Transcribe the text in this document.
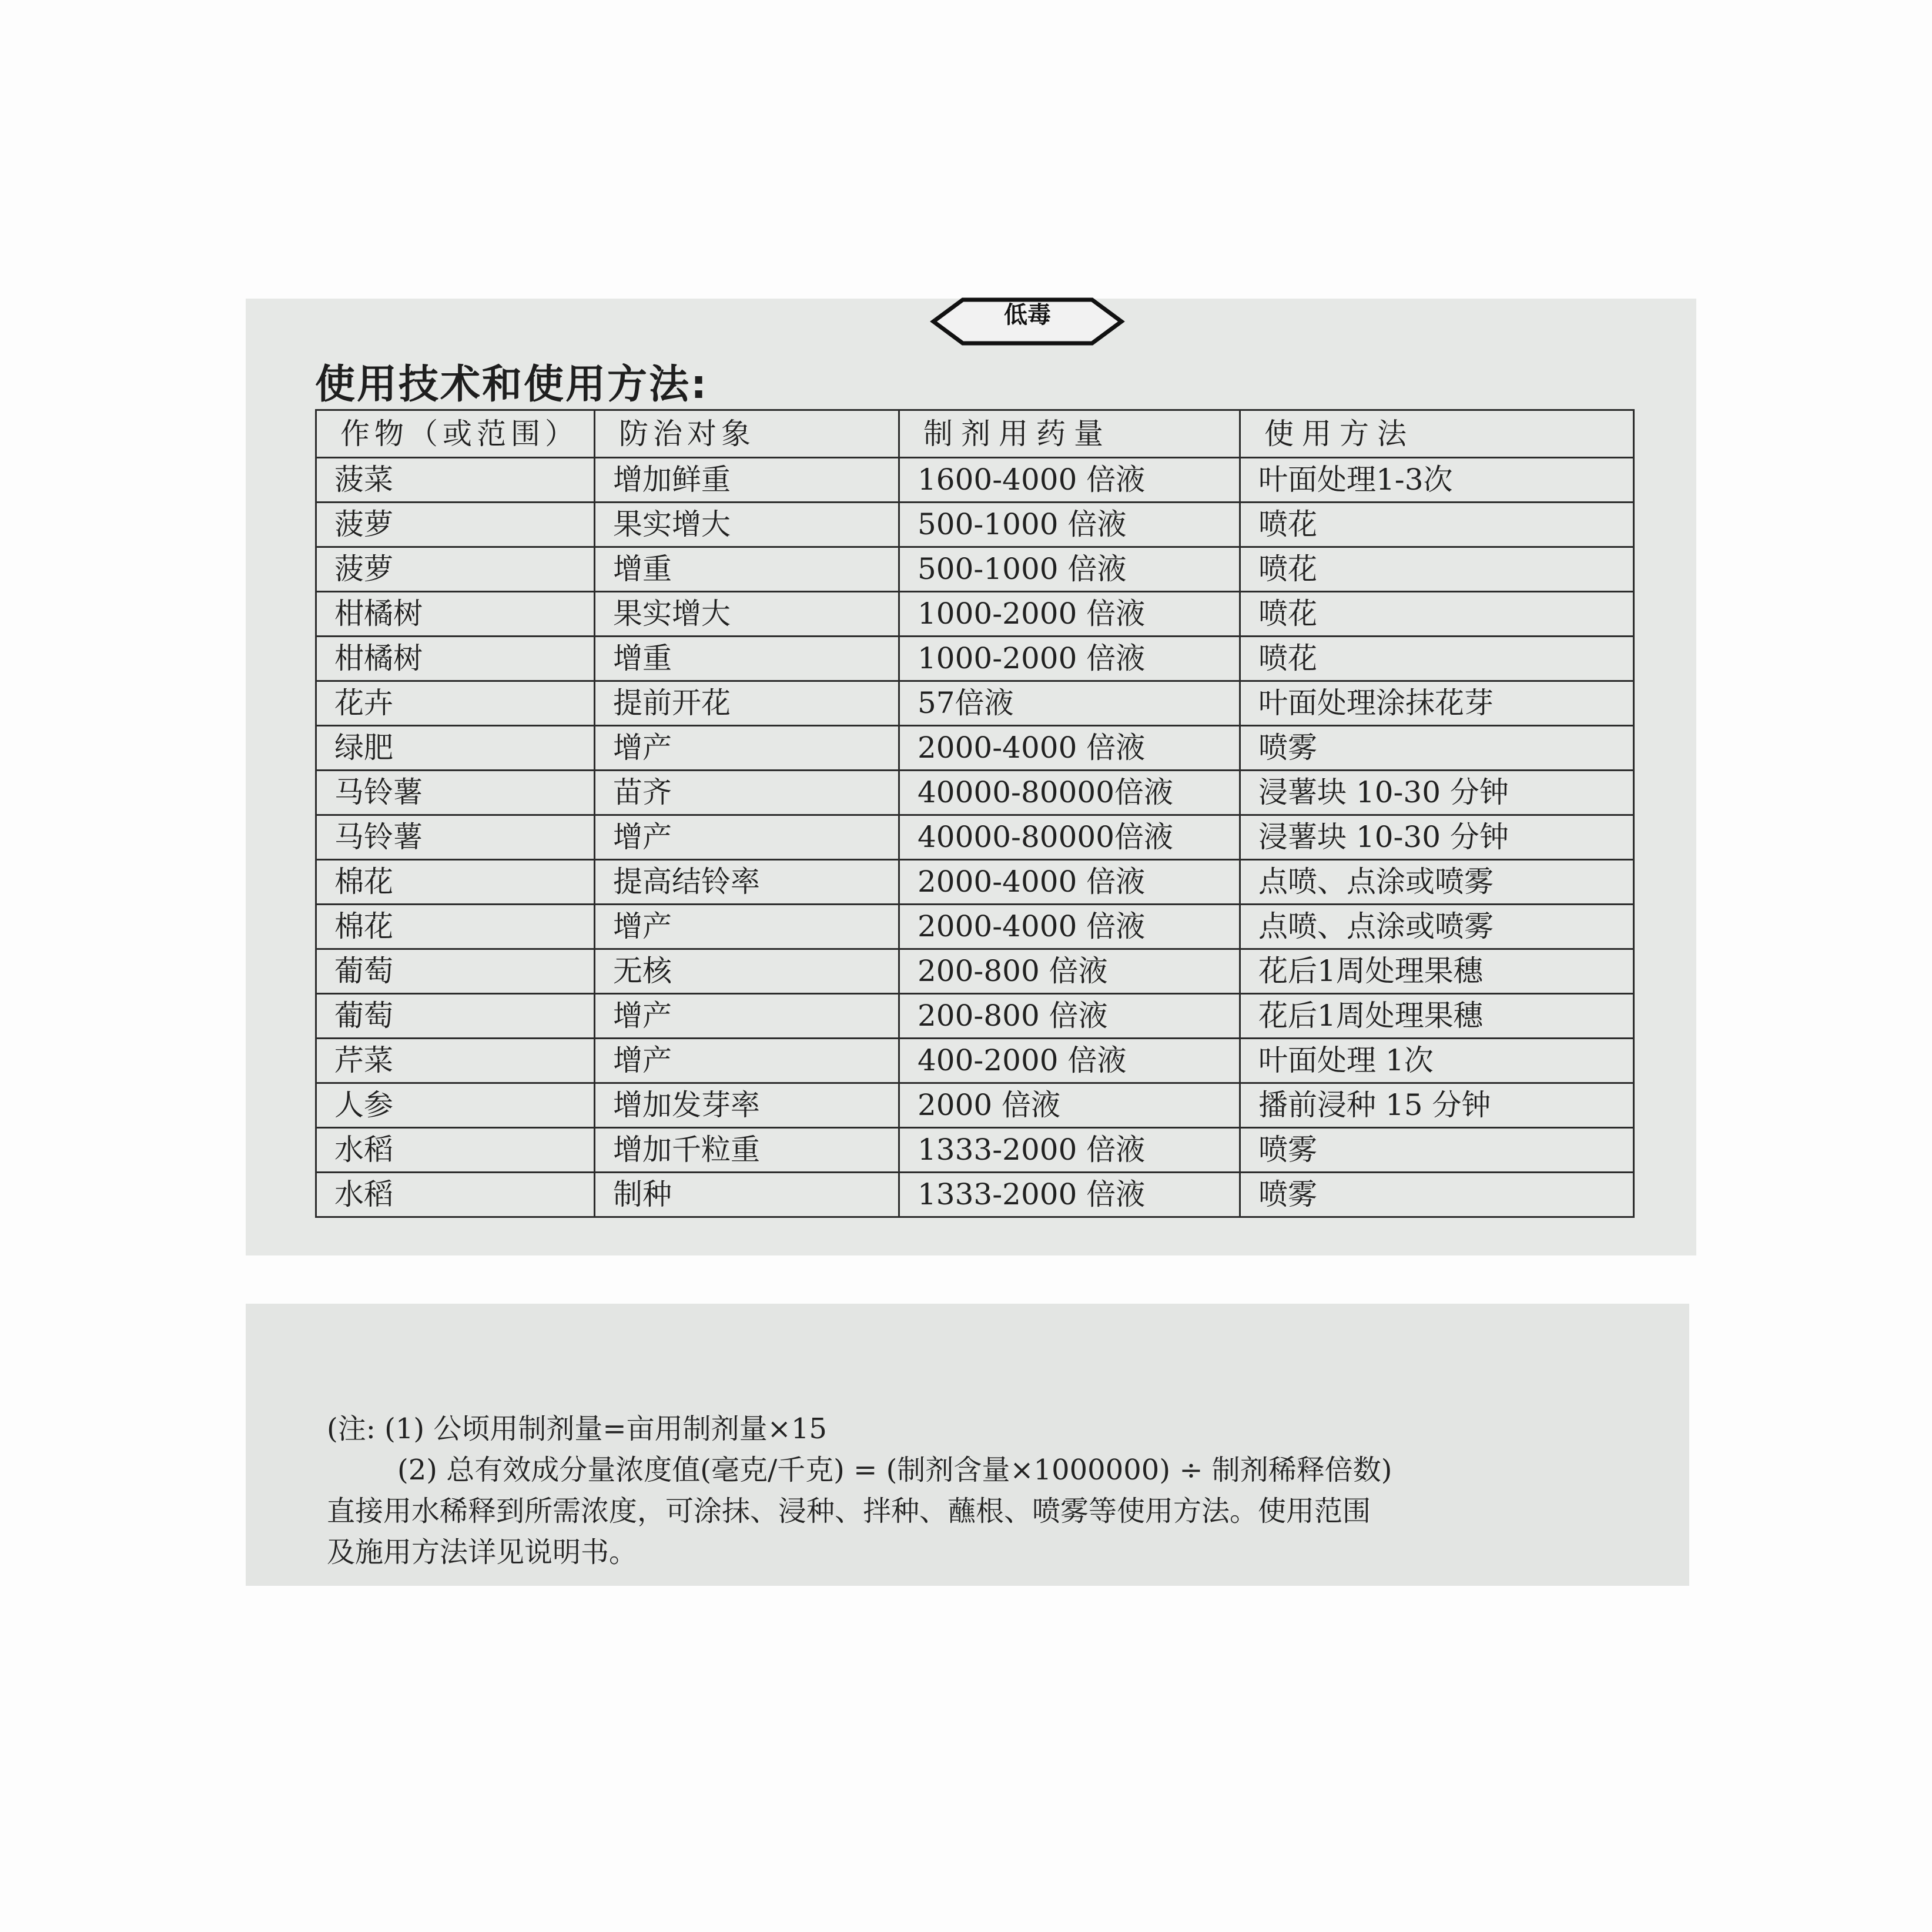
低毒
使用技术和使用方法:
作物（或范围）	防治对象	制剂用药量	使用方法
菠菜	增加鲜重	1600-4000 倍液	叶面处理1-3次
菠萝	果实增大	500-1000 倍液	喷花
菠萝	增重	500-1000 倍液	喷花
柑橘树	果实增大	1000-2000 倍液	喷花
柑橘树	增重	1000-2000 倍液	喷花
花卉	提前开花	57倍液	叶面处理涂抹花芽
绿肥	增产	2000-4000 倍液	喷雾
马铃薯	苗齐	40000-80000倍液	浸薯块 10-30 分钟
马铃薯	增产	40000-80000倍液	浸薯块 10-30 分钟
棉花	提高结铃率	2000-4000 倍液	点喷、点涂或喷雾
棉花	增产	2000-4000 倍液	点喷、点涂或喷雾
葡萄	无核	200-800 倍液	花后1周处理果穗
葡萄	增产	200-800 倍液	花后1周处理果穗
芹菜	增产	400-2000 倍液	叶面处理 1次
人参	增加发芽率	2000 倍液	播前浸种 15 分钟
水稻	增加千粒重	1333-2000 倍液	喷雾
水稻	制种	1333-2000 倍液	喷雾

(注: (1) 公顷用制剂量=亩用制剂量×15

(2) 总有效成分量浓度值(毫克/千克) = (制剂含量×1000000) ÷ 制剂稀释倍数)

直接用水稀释到所需浓度，可涂抹、浸种、拌种、蘸根、喷雾等使用方法。使用范围

及施用方法详见说明书。
